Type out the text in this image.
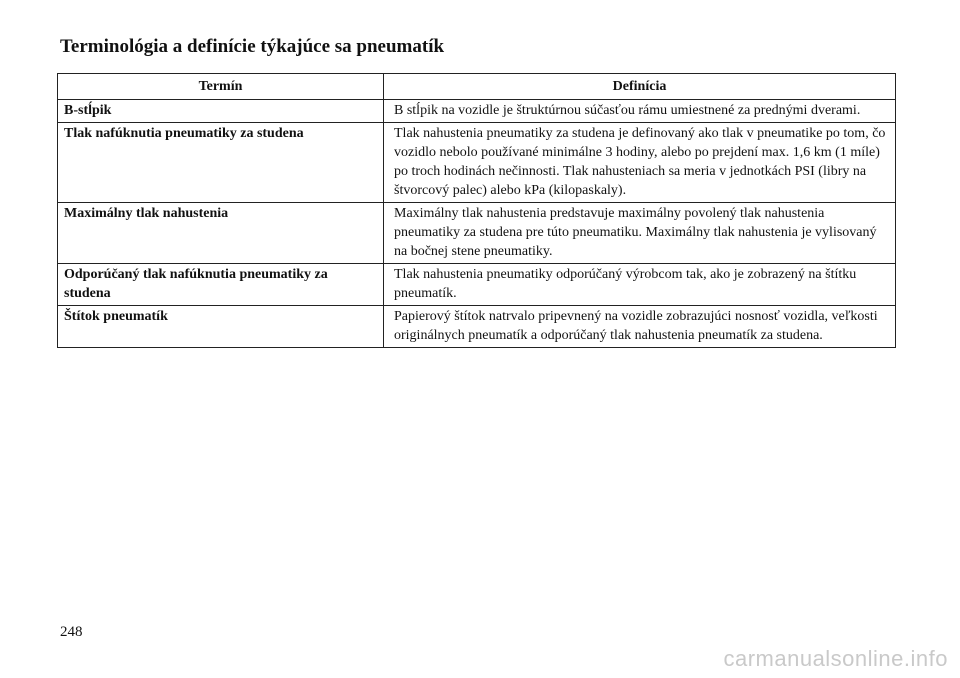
Terminológia a definície týkajúce sa pneumatík
Termín	Definícia
B-stĺpik	B stĺpik na vozidle je štruktúrnou súčasťou rámu umiestnené za prednými dverami.
Tlak nafúknutia pneumatiky za studena	Tlak nahustenia pneumatiky za studena je definovaný ako tlak v pneumatike po tom, čo vozidlo nebolo používané minimálne 3 hodiny, alebo po prejdení max. 1,6 km (1 míle) po troch hodinách nečinnosti. Tlak nahusteniach sa meria v jednotkách PSI (libry na štvorcový palec) alebo kPa (kilopaskaly).
Maximálny tlak nahustenia	Maximálny tlak nahustenia predstavuje maximálny povolený tlak nahustenia pneumatiky za studena pre túto pneumatiku. Maximálny tlak nahustenia je vylisovaný na bočnej stene pneumatiky.
Odporúčaný tlak nafúknutia pneumatiky za studena	Tlak nahustenia pneumatiky odporúčaný výrobcom tak, ako je zobrazený na štítku pneumatík.
Štítok pneumatík	Papierový štítok natrvalo pripevnený na vozidle zobrazujúci nosnosť vozidla, veľkosti originálnych pneumatík a odporúčaný tlak nahustenia pneumatík za studena.
248
carmanualsonline.info
